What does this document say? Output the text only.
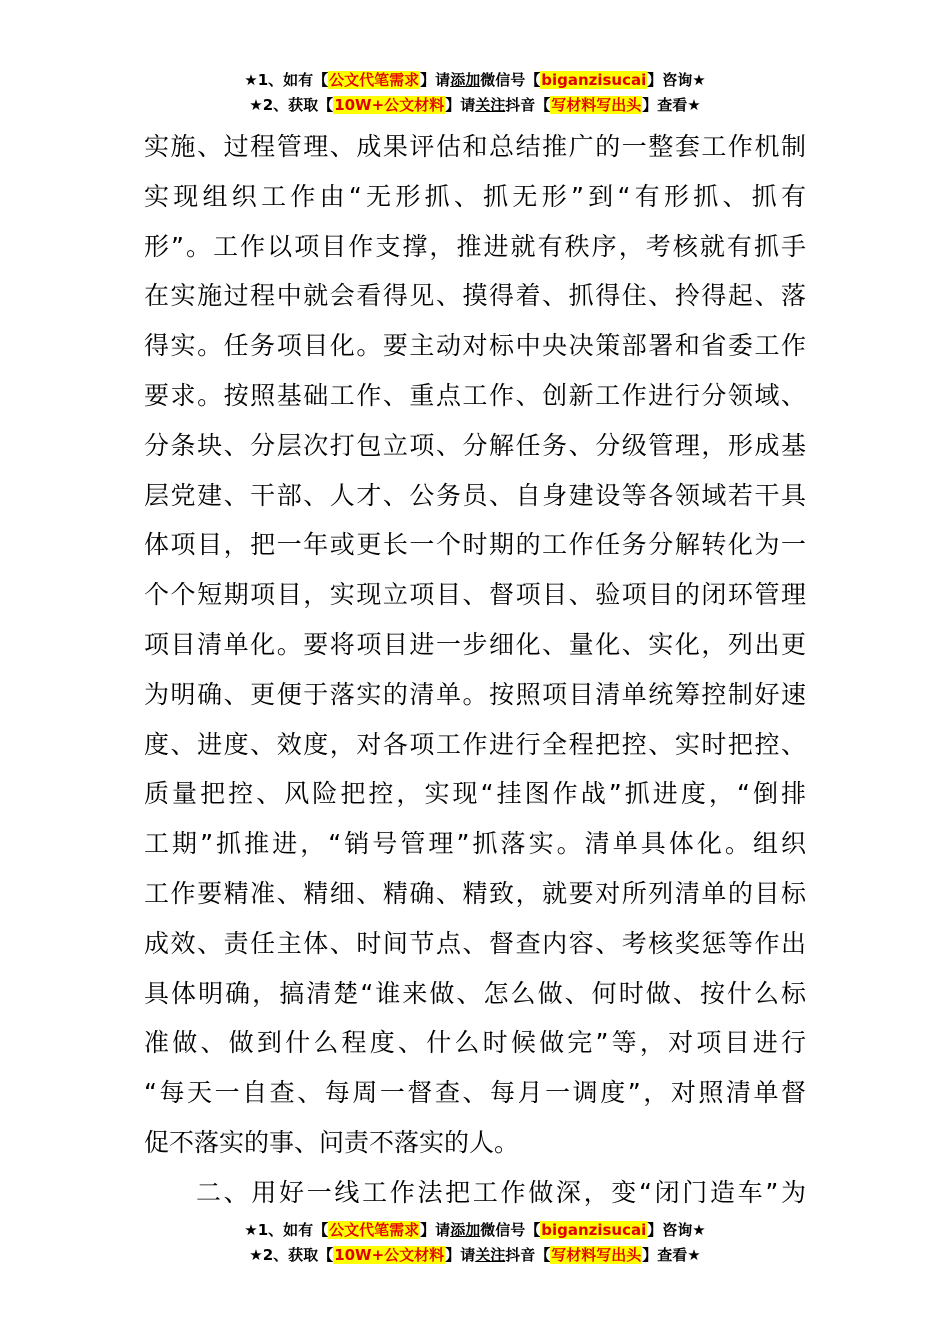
★1、如有【公文代笔需求】请添加微信号【biganzisucai】咨询★
★2、获取【10W+公文材料】请关注抖音【写材料写出头】查看★
实施、过程管理、成果评估和总结推广的一整套工作机制
实现组织工作由“无形抓、抓无形”到“有形抓、抓有
形”。工作以项目作支撑，推进就有秩序，考核就有抓手
在实施过程中就会看得见、摸得着、抓得住、拎得起、落
得实。任务项目化。要主动对标中央决策部署和省委工作
要求。按照基础工作、重点工作、创新工作进行分领域、
分条块、分层次打包立项、分解任务、分级管理，形成基
层党建、干部、人才、公务员、自身建设等各领域若干具
体项目，把一年或更长一个时期的工作任务分解转化为一
个个短期项目，实现立项目、督项目、验项目的闭环管理
项目清单化。要将项目进一步细化、量化、实化，列出更
为明确、更便于落实的清单。按照项目清单统筹控制好速
度、进度、效度，对各项工作进行全程把控、实时把控、
质量把控、风险把控，实现“挂图作战”抓进度，“倒排
工期”抓推进，“销号管理”抓落实。清单具体化。组织
工作要精准、精细、精确、精致，就要对所列清单的目标
成效、责任主体、时间节点、督查内容、考核奖惩等作出
具体明确，搞清楚“谁来做、怎么做、何时做、按什么标
准做、做到什么程度、什么时候做完”等，对项目进行
“每天一自查、每周一督查、每月一调度”，对照清单督
促不落实的事、问责不落实的人。
二、用好一线工作法把工作做深，变“闭门造车”为
★1、如有【公文代笔需求】请添加微信号【biganzisucai】咨询★
★2、获取【10W+公文材料】请关注抖音【写材料写出头】查看★
